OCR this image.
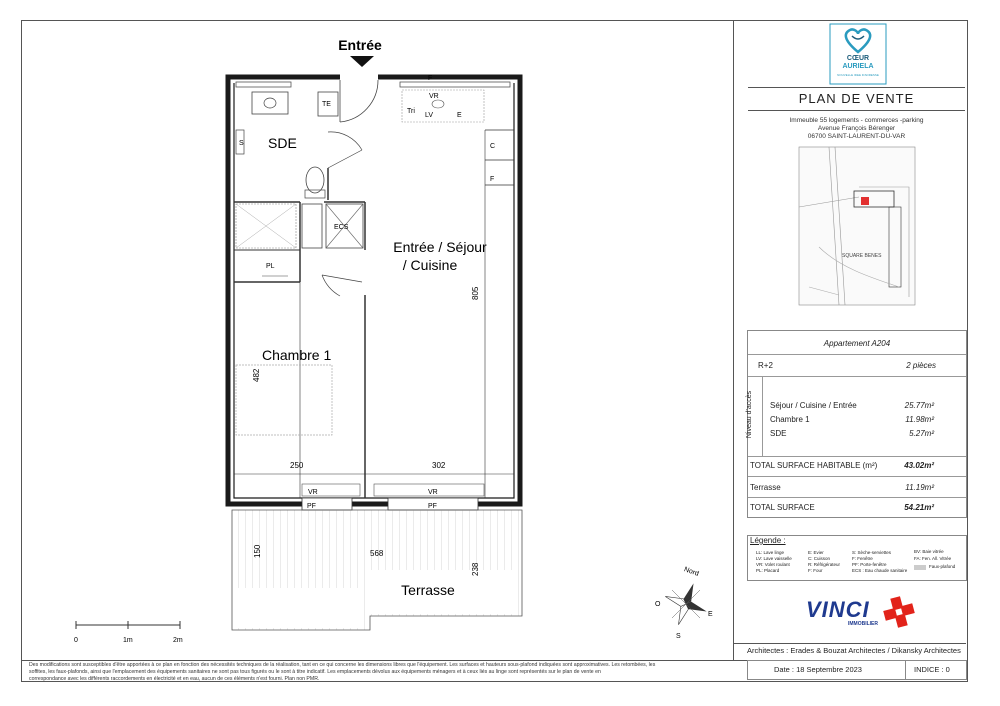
Entrée
F
TE
S SDE
ECS
PL
VR
Tri
LV	E
C
F
Entrée / Séjour
/ Cuisine
805
Chambre 1
482
250	302
VR	VR
PF	PF
Terrasse
150	568
238
0	1m	2m
Nord
O
E
S
CŒUR
AURIELA
NOUVELLE IDEE D'ADRESSE
PLAN DE VENTE
Immeuble 55 logements - commerces -parking
Avenue François Bérenger
06700 SAINT-LAURENT-DU-VAR
SQUARE BENES
Appartement A204
R+2	2 pièces
Niveau d'accès Séjour / Cuisine / Entrée	25.77m²
Chambre 1	11.98m²
SDE	5.27m²
TOTAL SURFACE HABITABLE (m²)	43.02m²
Terrasse	11.19m²
TOTAL SURFACE	54.21m²
Légende :
LL: Lave linge
LV: Lave vaisselle
VR: Volet roulant
PL: Placard
E: Evier
C: Cuisson
R: Réfrigérateur
F: Four
S: Sèche-serviettes
F: Fenêtre
PF: Porte-fenêtre
ECS : Eau chaude sanitaire
BV: Baie vitrée
FA: Fen. All. Vitrée
Faux-plafond
VINCI
IMMOBILIER
Architectes : Erades & Bouzat Architectes / Dikansky Architectes
Date : 18 Septembre 2023	INDICE : 0
Des modifications sont susceptibles d'être apportées à ce plan en fonction des nécessités techniques de la réalisation, tant en ce qui concerne les dimensions libres que l'équipement. Les surfaces et hauteurs sous-plafond indiquées sont approximatives. Les retombées, les
soffites, les faux-plafonds, ainsi que l'emplacement des équipements sanitaires ne sont pas tous figurés ou le sont à titre indicatif. Les emplacements dévolus aux équipements ménagers et à ceux liés au linge sont représentés sur le plan de vente en
correspondance avec les différents raccordements en électricité et en eau, aucun de ces éléments n'est fourni. Plan non PMR.
